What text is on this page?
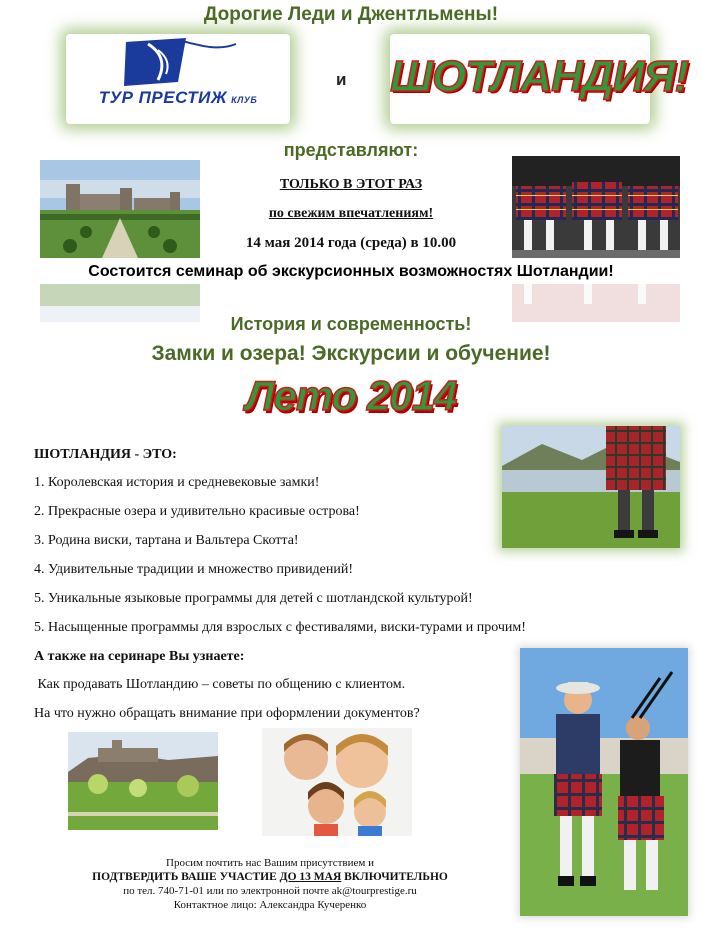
Дорогие Леди и Джентльмены!
ТУР ПРЕСТИЖ КЛУБ
и ШОТЛАНДИЯ!
представляют:
ТОЛЬКО В ЭТОТ РАЗ
по свежим впечатлениям!
14 мая 2014 года (среда) в 10.00
Состоится семинар об экскурсионных возможностях Шотландии!
История и современность!
Замки и озера! Экскурсии и обучение!
Лето 2014
ШОТЛАНДИЯ - ЭТО:
1. Королевская история и средневековые замки!
2. Прекрасные озера и удивительно красивые острова!
3. Родина виски, тартана и Вальтера Скотта!
4. Удивительные традиции и множество привидений!
5. Уникальные языковые программы для детей с шотландской культурой!
5. Насыщенные программы для взрослых с фестивалями, виски-турами и прочим!
А также на серинаре Вы узнаете:
Как продавать Шотландию – советы по общению с клиентом.
На что нужно обращать внимание при оформлении документов?
Просим почтить нас Вашим присутствием и
ПОДТВЕРДИТЬ ВАШЕ УЧАСТИЕ ДО 13 МАЯ ВКЛЮЧИТЕЛЬНО
по тел. 740-71-01 или по электронной почте ak@tourprestige.ru
Контактное лицо: Александра Кучеренко
